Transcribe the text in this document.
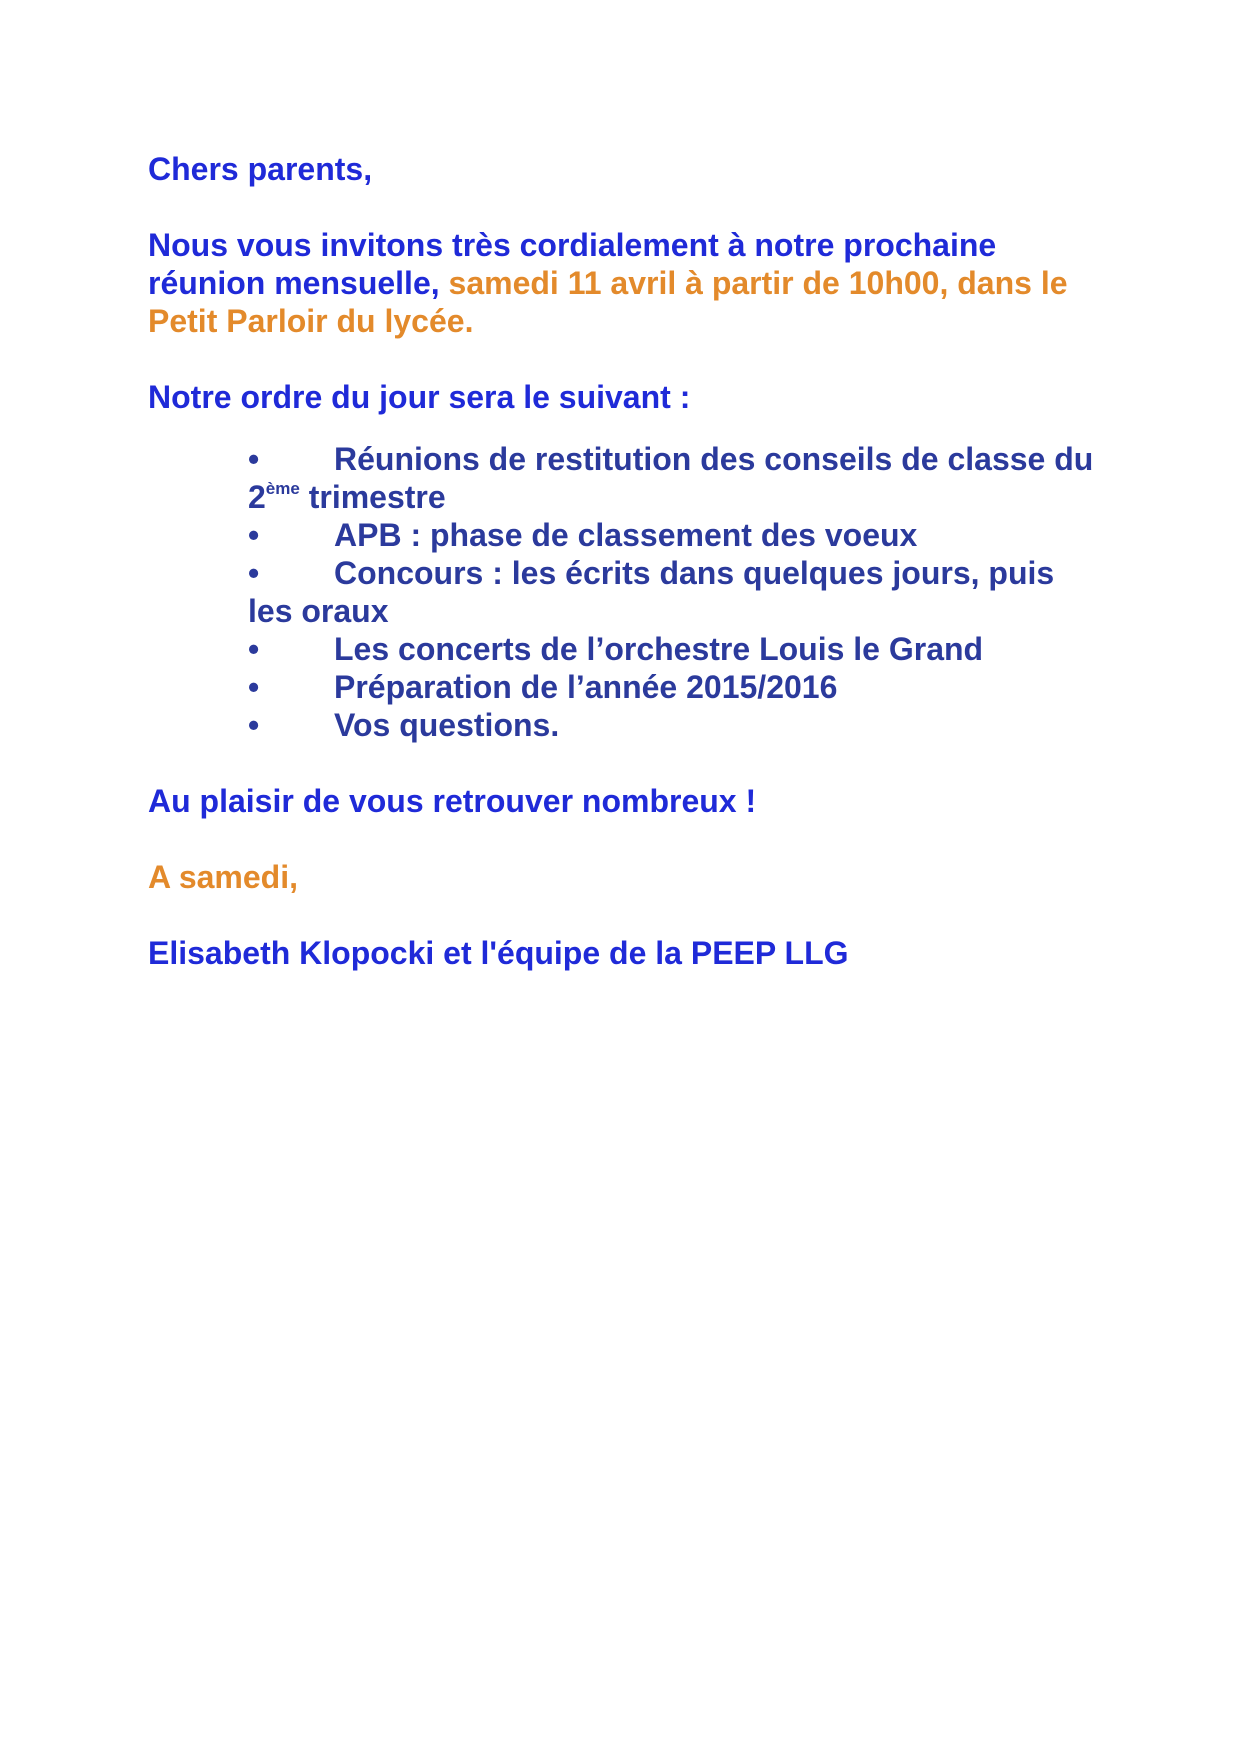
Chers parents,

Nous vous invitons très cordialement à notre prochaine réunion mensuelle, samedi 11 avril à partir de 10h00, dans le Petit Parloir du lycée.

Notre ordre du jour sera le suivant :

• Réunions de restitution des conseils de classe du 2ème trimestre
• APB : phase de classement des voeux
• Concours : les écrits dans quelques jours, puis les oraux
• Les concerts de l’orchestre Louis le Grand
• Préparation de l’année 2015/2016
• Vos questions.

Au plaisir de vous retrouver nombreux !

A samedi,

Elisabeth Klopocki et l'équipe de la PEEP LLG
